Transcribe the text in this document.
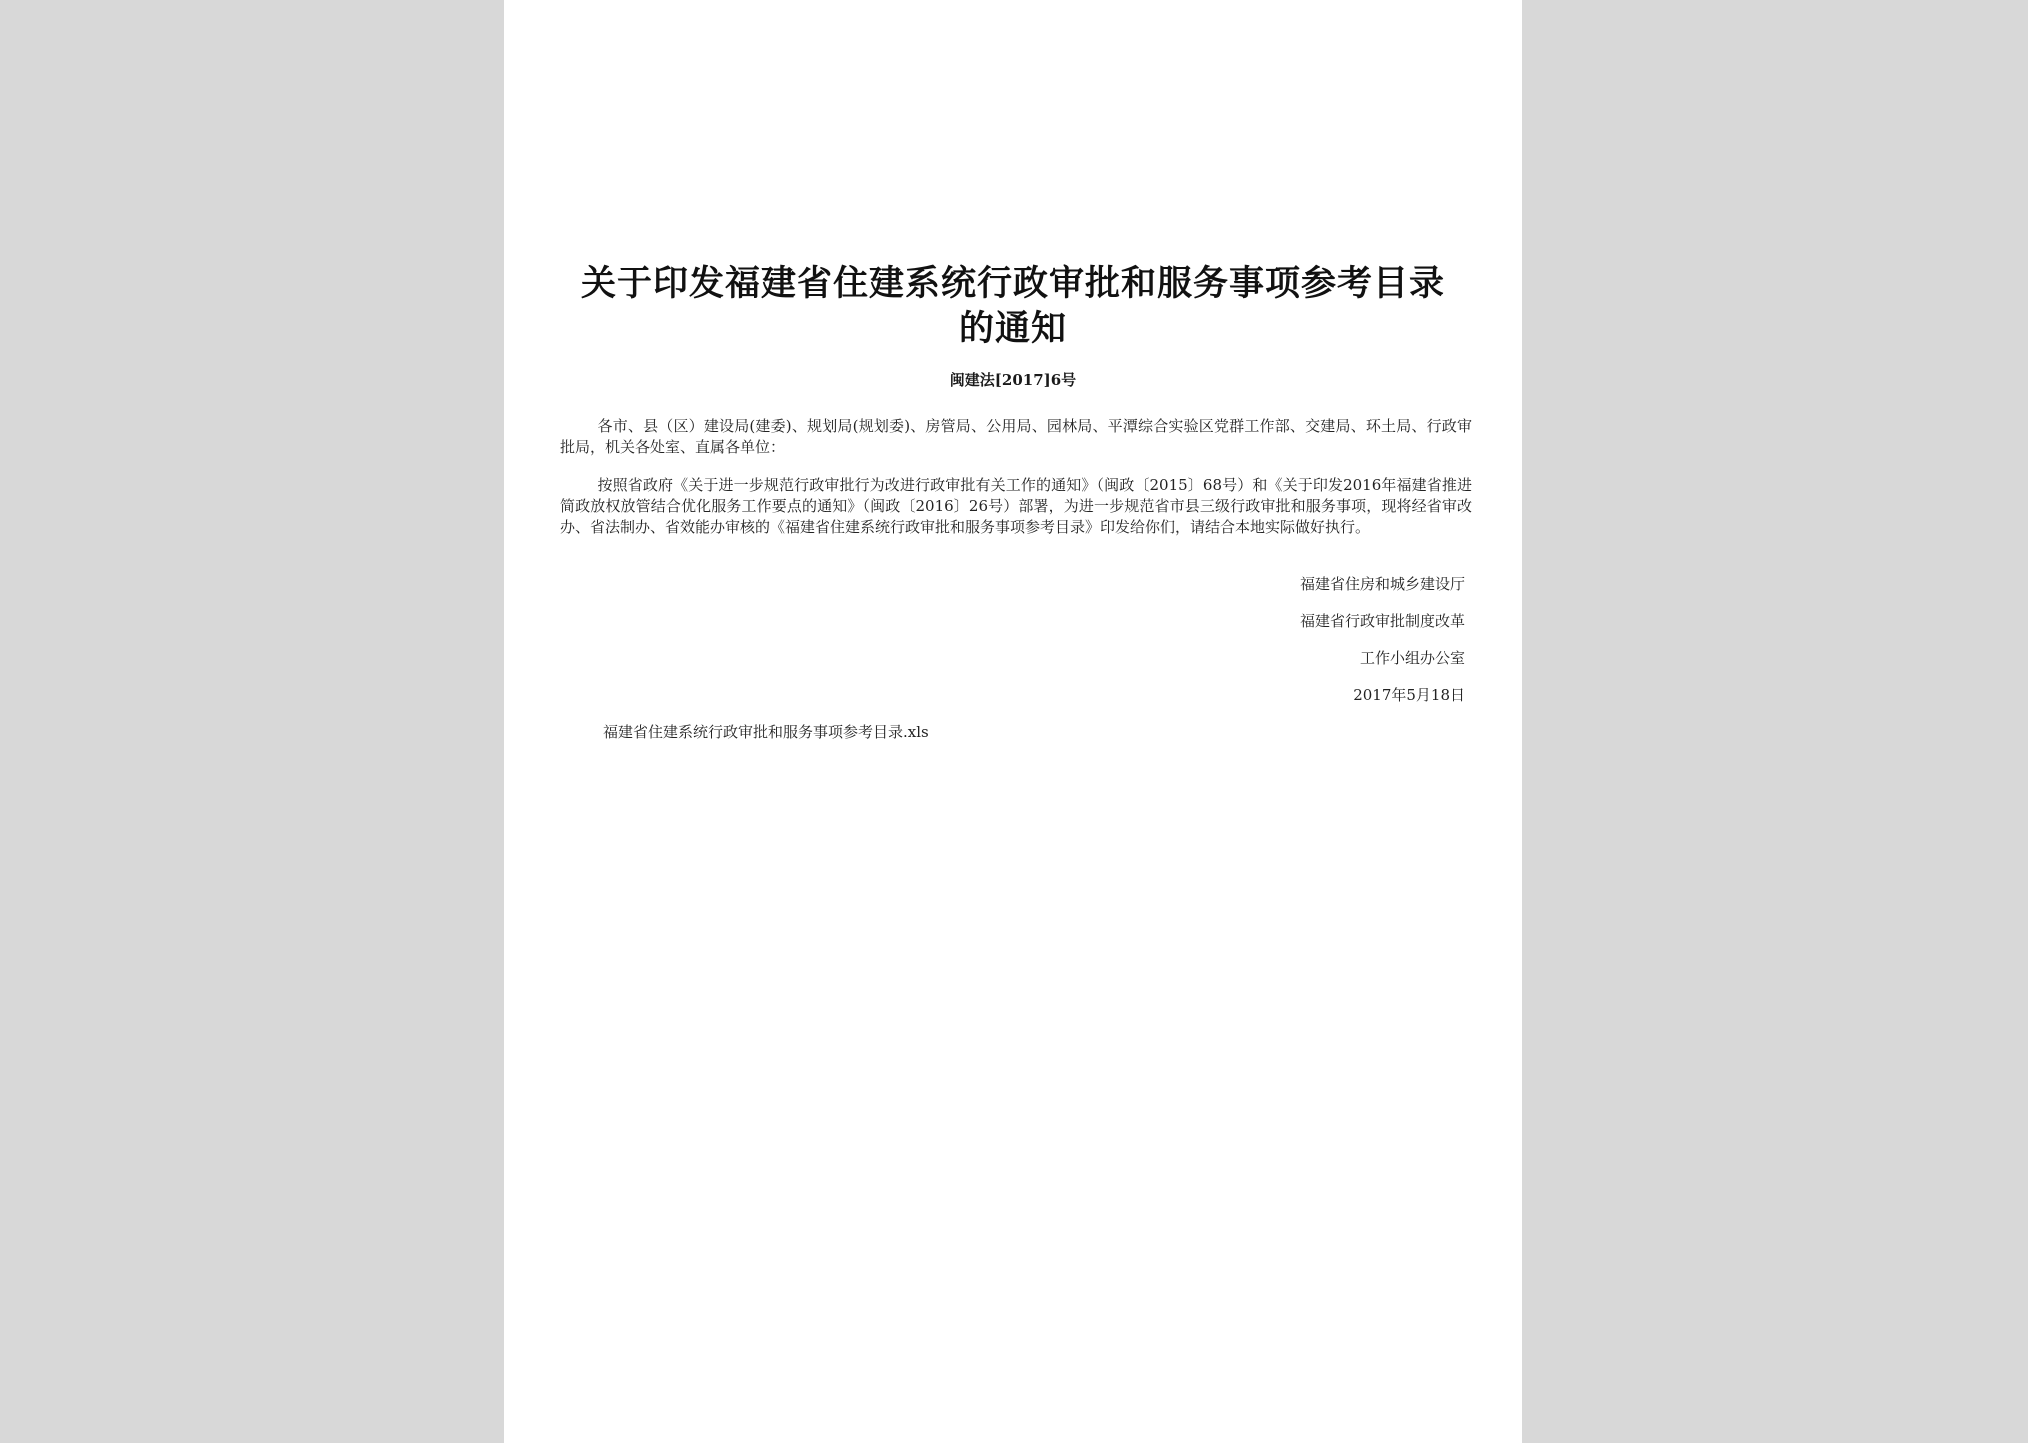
关于印发福建省住建系统行政审批和服务事项参考目录的通知
闽建法[2017]6号
各市、县（区）建设局(建委)、规划局(规划委)、房管局、公用局、园林局、平潭综合实验区党群工作部、交建局、环土局、行政审批局，机关各处室、直属各单位：
按照省政府《关于进一步规范行政审批行为改进行政审批有关工作的通知》（闽政〔2015〕68号）和《关于印发2016年福建省推进简政放权放管结合优化服务工作要点的通知》（闽政〔2016〕26号）部署，为进一步规范省市县三级行政审批和服务事项，现将经省审改办、省法制办、省效能办审核的《福建省住建系统行政审批和服务事项参考目录》印发给你们，请结合本地实际做好执行。
福建省住房和城乡建设厅
福建省行政审批制度改革
工作小组办公室
2017年5月18日
福建省住建系统行政审批和服务事项参考目录.xls
